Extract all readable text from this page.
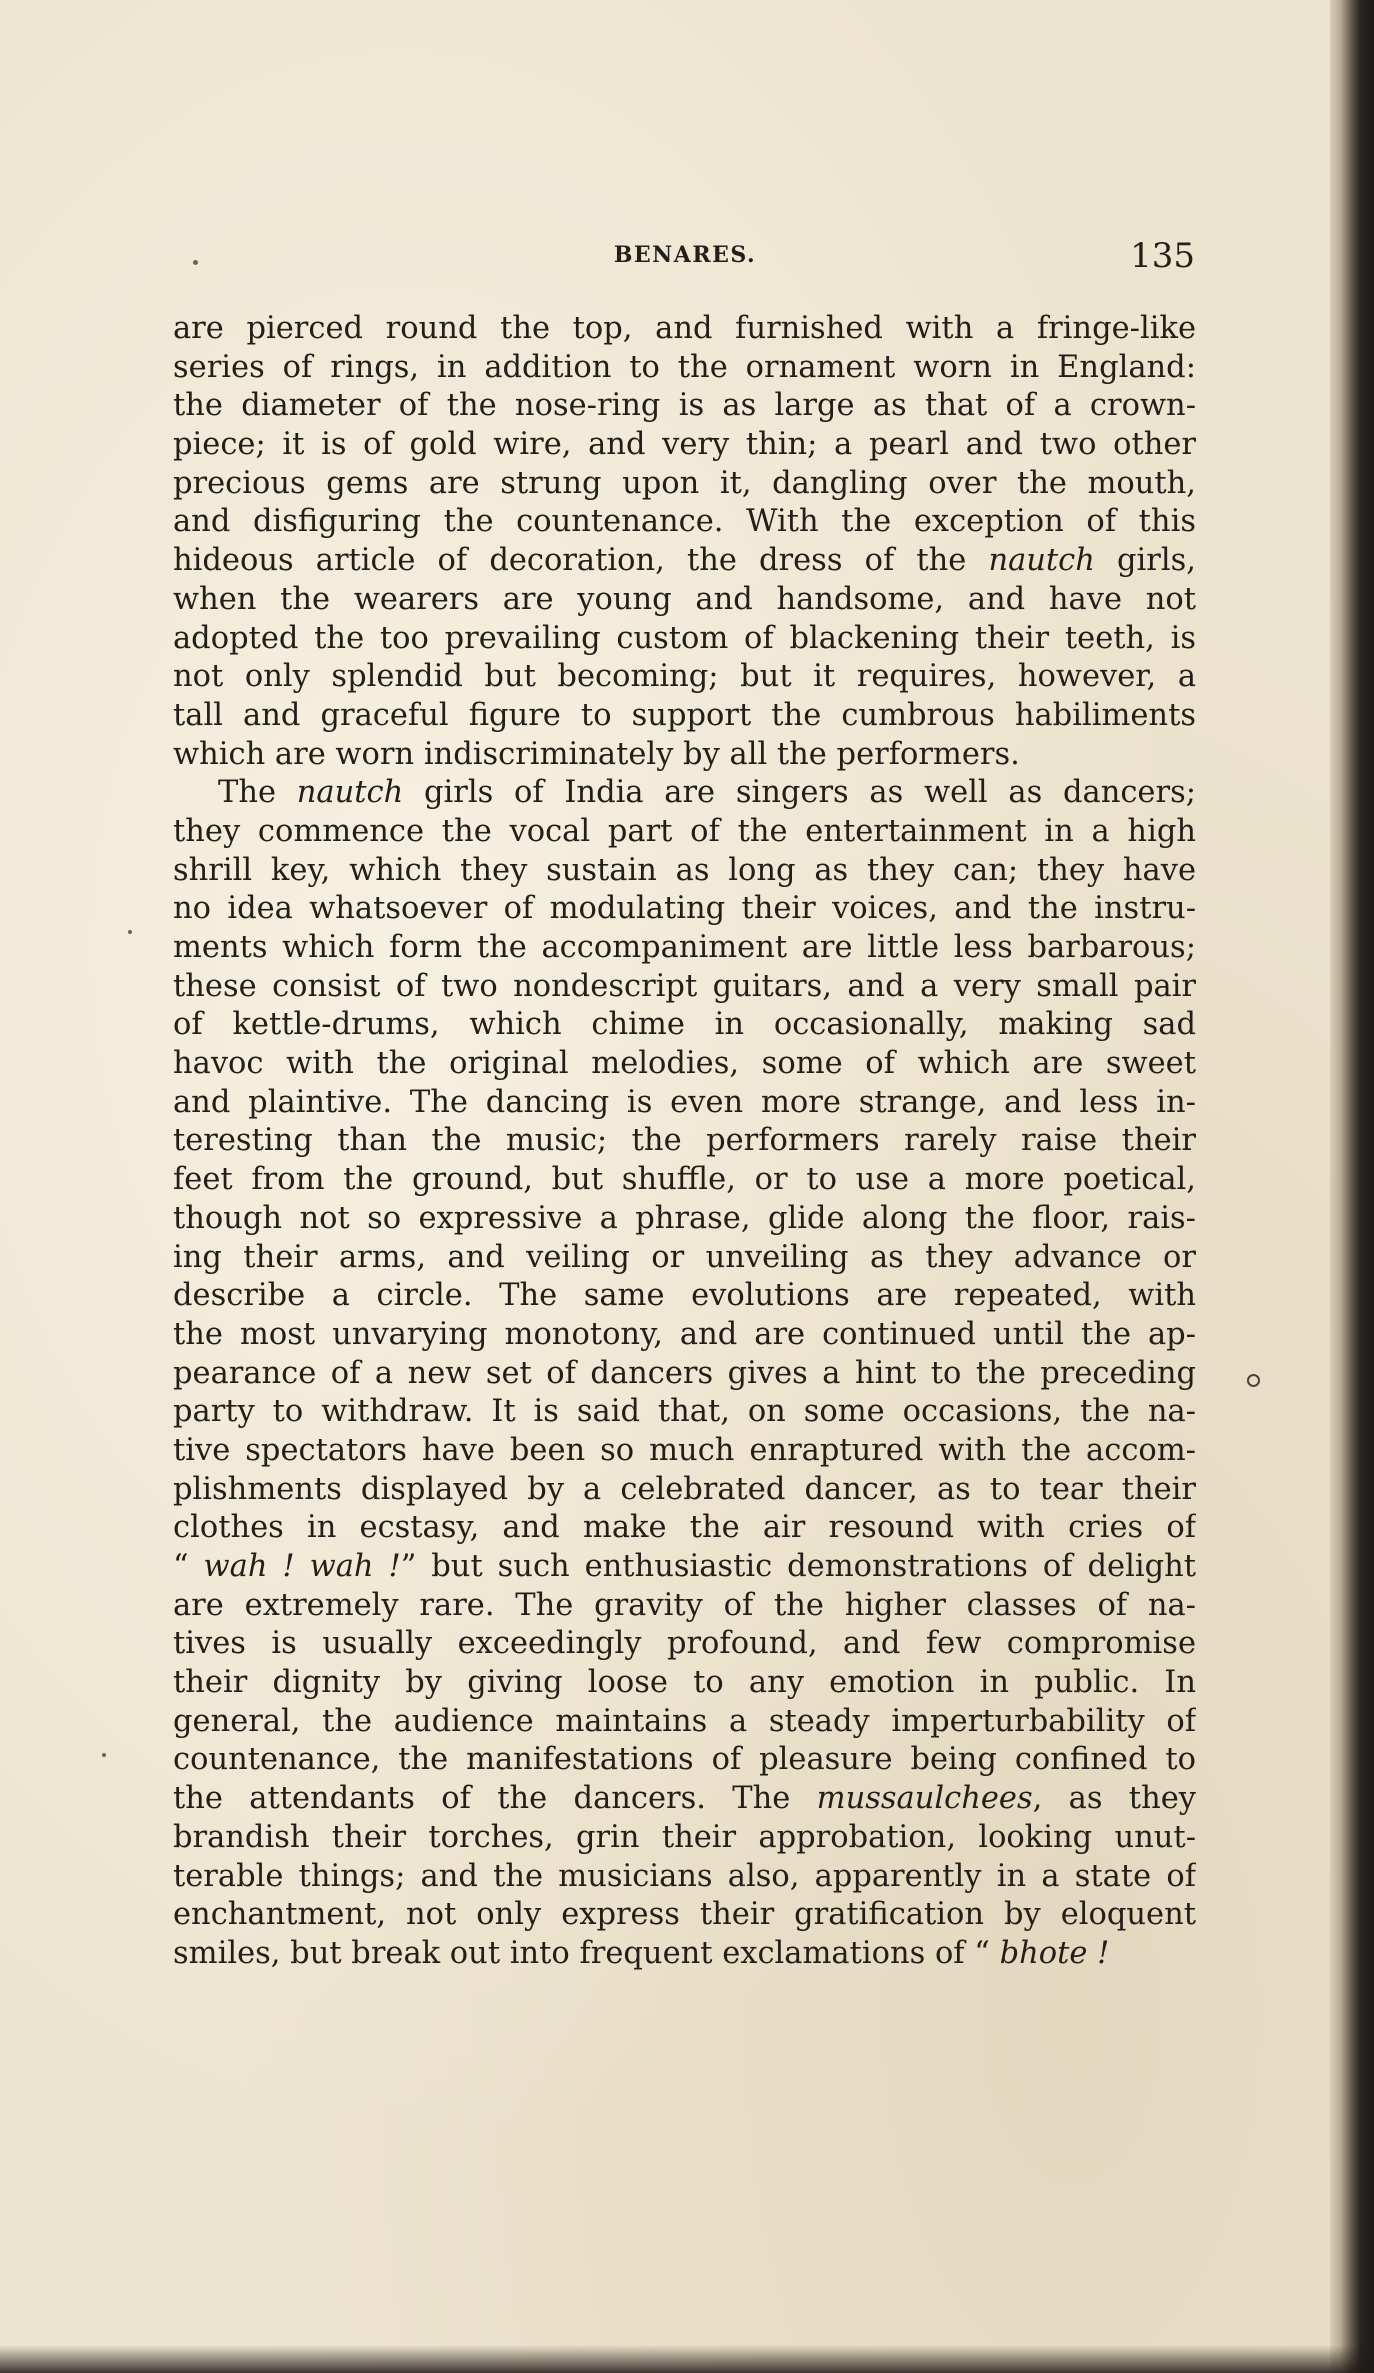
BENARES.	135
are pierced round the top, and furnished with a fringe-like
series of rings, in addition to the ornament worn in England:
the diameter of the nose-ring is as large as that of a crown-
piece; it is of gold wire, and very thin; a pearl and two other
precious gems are strung upon it, dangling over the mouth,
and disfiguring the countenance. With the exception of this
hideous article of decoration, the dress of the nautch girls,
when the wearers are young and handsome, and have not
adopted the too prevailing custom of blackening their teeth, is
not only splendid but becoming; but it requires, however, a
tall and graceful figure to support the cumbrous habiliments
which are worn indiscriminately by all the performers.
The nautch girls of India are singers as well as dancers;
they commence the vocal part of the entertainment in a high
shrill key, which they sustain as long as they can; they have
no idea whatsoever of modulating their voices, and the instru-
ments which form the accompaniment are little less barbarous;
these consist of two nondescript guitars, and a very small pair
of kettle-drums, which chime in occasionally, making sad
havoc with the original melodies, some of which are sweet
and plaintive. The dancing is even more strange, and less in-
teresting than the music; the performers rarely raise their
feet from the ground, but shuffle, or to use a more poetical,
though not so expressive a phrase, glide along the floor, rais-
ing their arms, and veiling or unveiling as they advance or
describe a circle. The same evolutions are repeated, with
the most unvarying monotony, and are continued until the ap-
pearance of a new set of dancers gives a hint to the preceding
party to withdraw. It is said that, on some occasions, the na-
tive spectators have been so much enraptured with the accom-
plishments displayed by a celebrated dancer, as to tear their
clothes in ecstasy, and make the air resound with cries of
“ wah ! wah !” but such enthusiastic demonstrations of delight
are extremely rare. The gravity of the higher classes of na-
tives is usually exceedingly profound, and few compromise
their dignity by giving loose to any emotion in public. In
general, the audience maintains a steady imperturbability of
countenance, the manifestations of pleasure being confined to
the attendants of the dancers. The mussaulchees, as they
brandish their torches, grin their approbation, looking unut-
terable things; and the musicians also, apparently in a state of
enchantment, not only express their gratification by eloquent
smiles, but break out into frequent exclamations of “ bhote !
